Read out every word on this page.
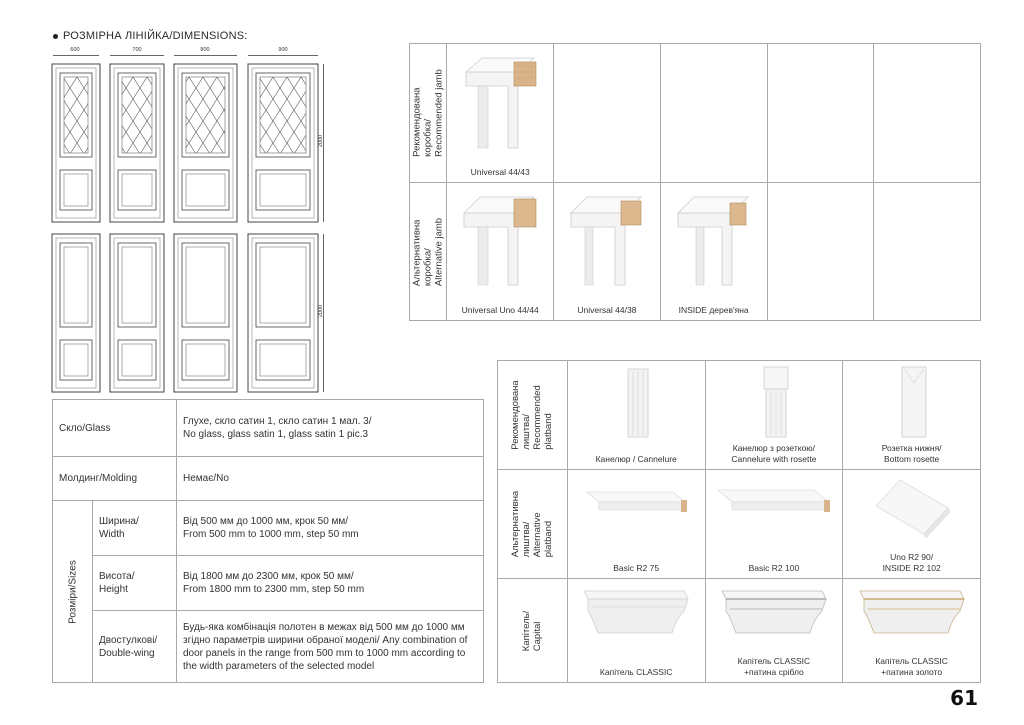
РОЗМІРНА ЛІНІЙКА/DIMENSIONS:
600	700	800	900
2000
2000
Скло/Glass		Глухе, скло сатин 1, скло сатин 1 мал. 3/
No glass, glass satin 1, glass satin 1 pic.3
Молдинг/Molding		Немає/No

Розміри/Sizes	Ширина/
Width	Від 500 мм до 1000 мм, крок 50 мм/
From 500 mm to 1000 mm, step 50 mm
	Висота/
Height	Від 1800 мм до 2300 мм, крок 50 мм/
From 1800 mm to 2300 mm, step 50 mm
	Двостулкові/
Double-wing	Будь-яка комбінація полотен в межах від 500 мм до 1000 мм згідно параметрів ширини обраної моделі/ Any combination of door panels in the range from 500 mm to 1000 mm according to the width parameters of the selected model
Рекомендована
коробка/
Recommended jamb	Universal 44/43				

Альтернативна
коробка/
Alternative jamb	Universal Uno 44/44	Universal 44/38	INSIDE дерев'яна		

Рекомендована
лиштва/
Recommended
platband	Канелюр / Cannelure	Канелюр з розеткою/
Cannelure with rosette	Розетка нижня/
Bottom rosette

Альтернативна
лиштва/
Alternative
platband	Basic R2 75	Basic R2 100	Uno R2 90/
INSIDE R2 102

Капітель/
Capital	Капітель CLASSIC	Капітель CLASSIC
+патина срібло	Капітель CLASSIC
+патина золото
61
